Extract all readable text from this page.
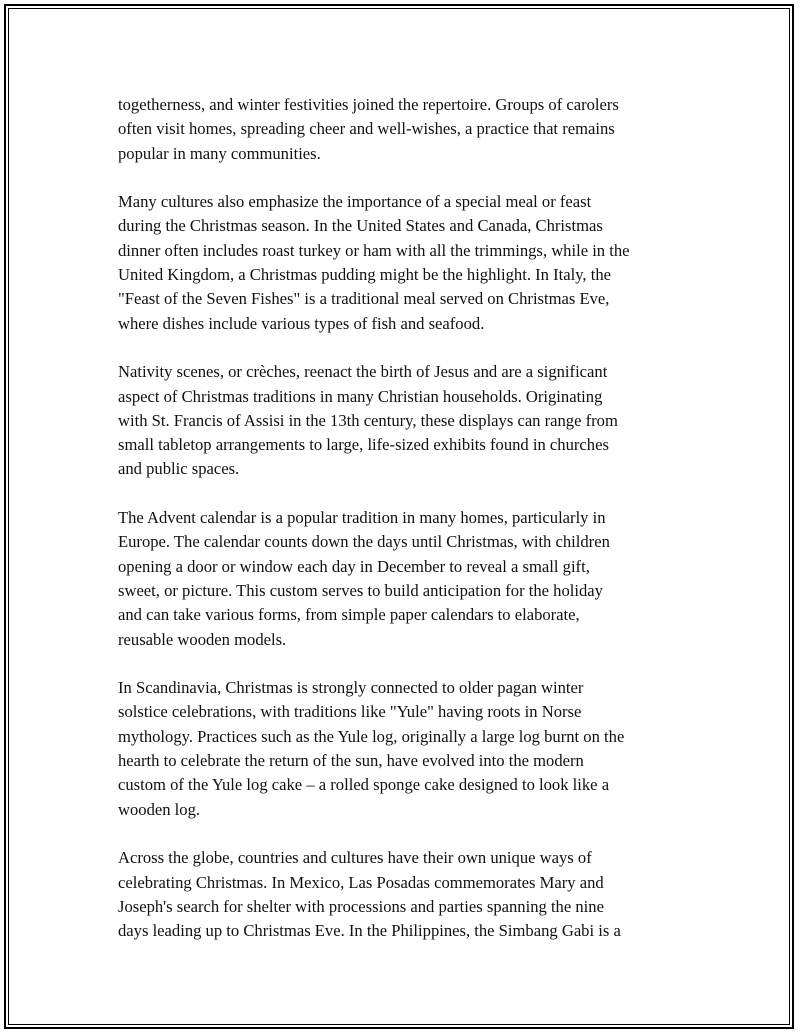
togetherness, and winter festivities joined the repertoire. Groups of carolers
often visit homes, spreading cheer and well-wishes, a practice that remains
popular in many communities.

Many cultures also emphasize the importance of a special meal or feast
during the Christmas season. In the United States and Canada, Christmas
dinner often includes roast turkey or ham with all the trimmings, while in the
United Kingdom, a Christmas pudding might be the highlight. In Italy, the
"Feast of the Seven Fishes" is a traditional meal served on Christmas Eve,
where dishes include various types of fish and seafood.

Nativity scenes, or crèches, reenact the birth of Jesus and are a significant
aspect of Christmas traditions in many Christian households. Originating
with St. Francis of Assisi in the 13th century, these displays can range from
small tabletop arrangements to large, life-sized exhibits found in churches
and public spaces.

The Advent calendar is a popular tradition in many homes, particularly in
Europe. The calendar counts down the days until Christmas, with children
opening a door or window each day in December to reveal a small gift,
sweet, or picture. This custom serves to build anticipation for the holiday
and can take various forms, from simple paper calendars to elaborate,
reusable wooden models.

In Scandinavia, Christmas is strongly connected to older pagan winter
solstice celebrations, with traditions like "Yule" having roots in Norse
mythology. Practices such as the Yule log, originally a large log burnt on the
hearth to celebrate the return of the sun, have evolved into the modern
custom of the Yule log cake – a rolled sponge cake designed to look like a
wooden log.

Across the globe, countries and cultures have their own unique ways of
celebrating Christmas. In Mexico, Las Posadas commemorates Mary and
Joseph's search for shelter with processions and parties spanning the nine
days leading up to Christmas Eve. In the Philippines, the Simbang Gabi is a
